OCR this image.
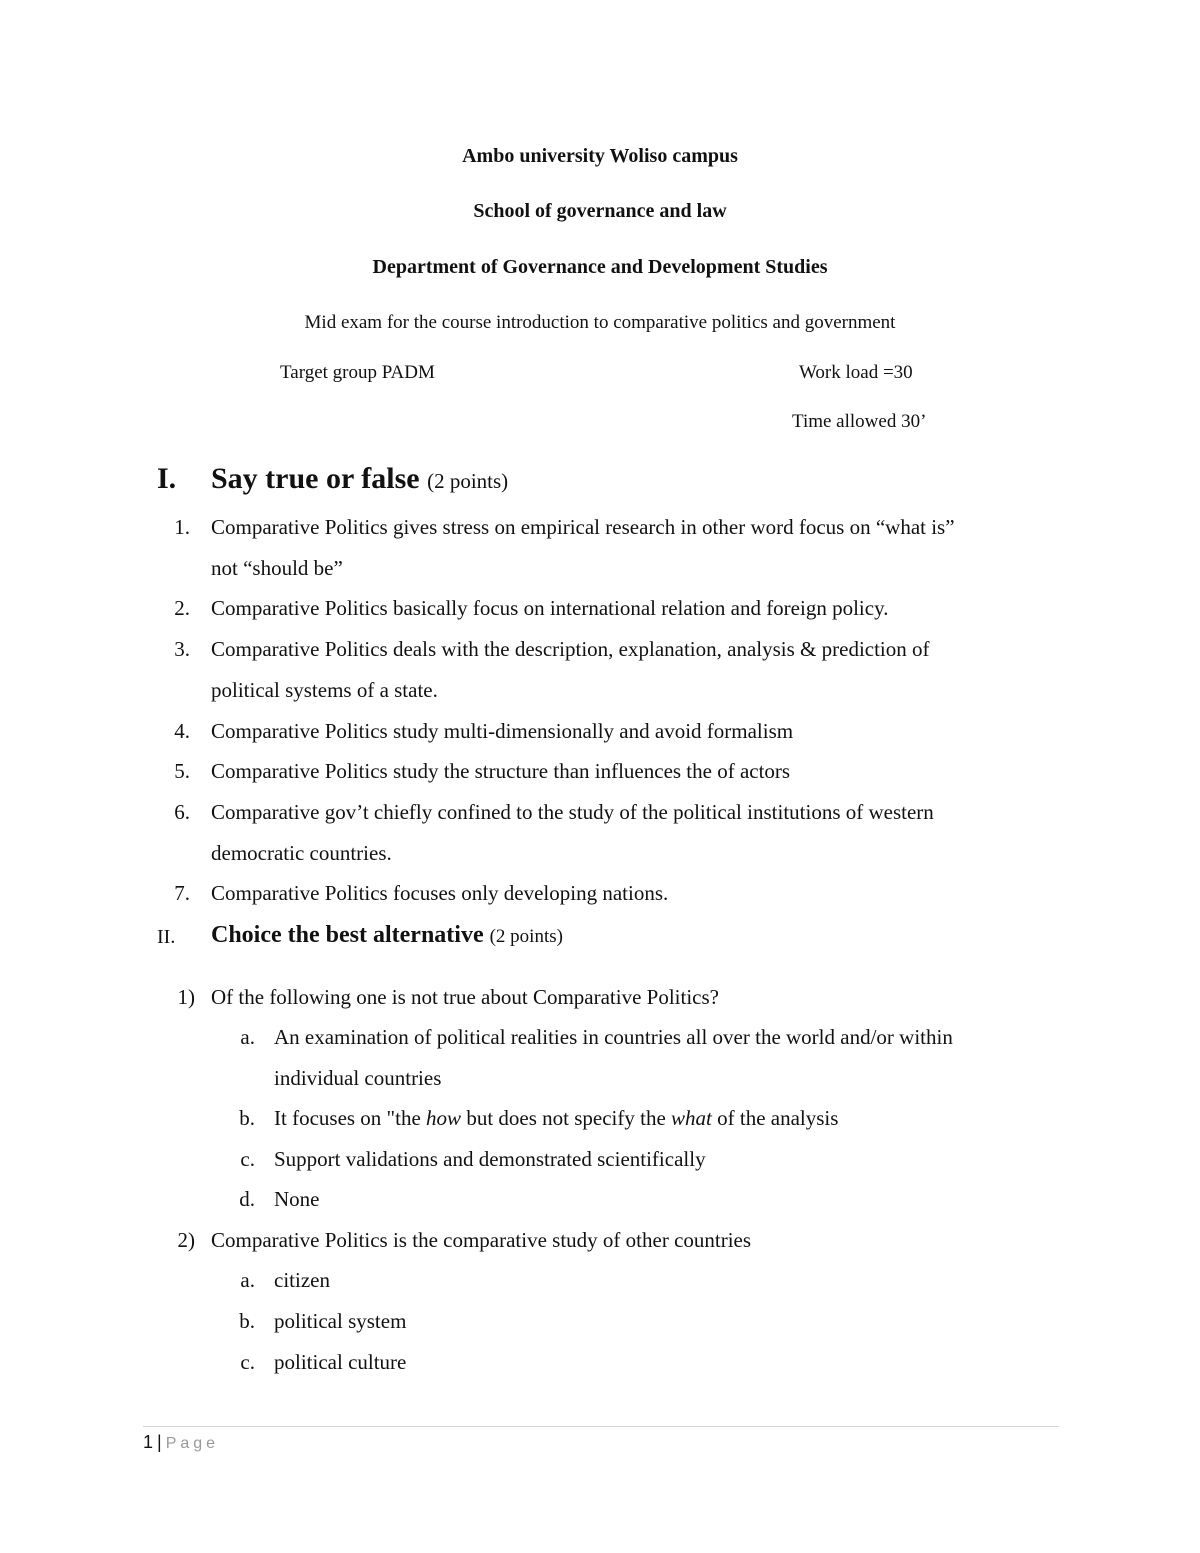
Ambo university Woliso campus
School of governance and law
Department of Governance and Development Studies
Mid exam for the course introduction to comparative politics and government
Target group PADM	Work load =30
Time allowed 30’
I. Say true or false (2 points)
1. Comparative Politics gives stress on empirical research in other word focus on “what is”
not “should be”
2. Comparative Politics basically focus on international relation and foreign policy.
3. Comparative Politics deals with the description, explanation, analysis & prediction of
political systems of a state.
4. Comparative Politics study multi-dimensionally and avoid formalism
5. Comparative Politics study the structure than influences the of actors
6. Comparative gov’t chiefly confined to the study of the political institutions of western
democratic countries.
7. Comparative Politics focuses only developing nations.
II. Choice the best alternative (2 points)
1) Of the following one is not true about Comparative Politics?
a. An examination of political realities in countries all over the world and/or within
individual countries
b. It focuses on "the how but does not specify the what of the analysis
c. Support validations and demonstrated scientifically
d. None
2) Comparative Politics is the comparative study of other countries
a. citizen
b. political system
c. political culture
1 | Page
